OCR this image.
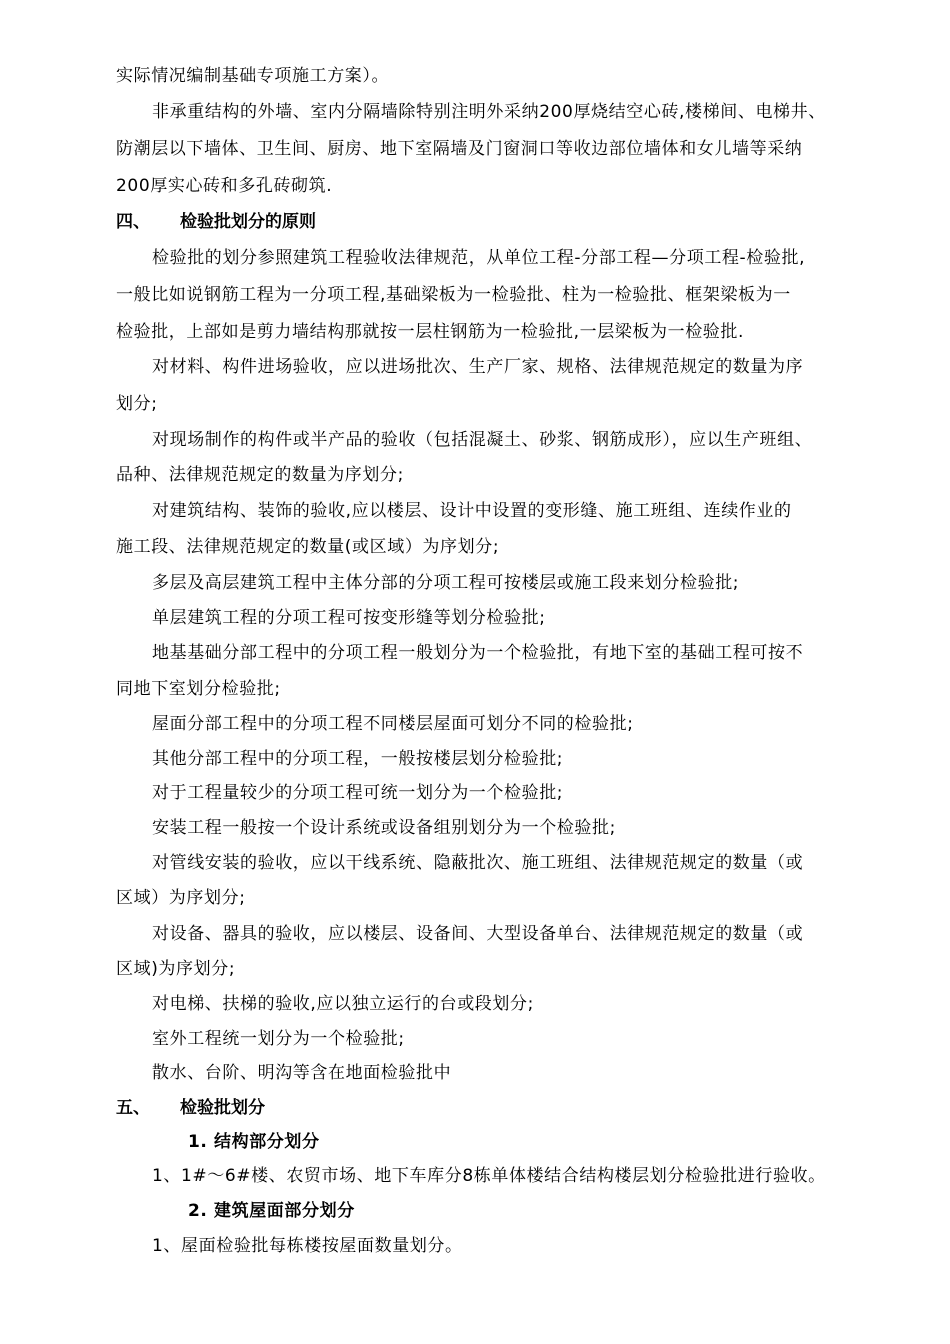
实际情况编制基础专项施工方案）。
非承重结构的外墙、室内分隔墙除特别注明外采纳200厚烧结空心砖,楼梯间、电梯井、
防潮层以下墙体、卫生间、厨房、地下室隔墙及门窗洞口等收边部位墙体和女儿墙等采纳
200厚实心砖和多孔砖砌筑.
四、 检验批划分的原则
检验批的划分参照建筑工程验收法律规范，从单位工程-分部工程—分项工程-检验批,
一般比如说钢筋工程为一分项工程,基础梁板为一检验批、柱为一检验批、框架梁板为一
检验批，上部如是剪力墙结构那就按一层柱钢筋为一检验批,一层梁板为一检验批.
对材料、构件进场验收，应以进场批次、生产厂家、规格、法律规范规定的数量为序
划分;
对现场制作的构件或半产品的验收（包括混凝土、砂浆、钢筋成形），应以生产班组、
品种、法律规范规定的数量为序划分;
对建筑结构、装饰的验收,应以楼层、设计中设置的变形缝、施工班组、连续作业的
施工段、法律规范规定的数量(或区域）为序划分;
多层及高层建筑工程中主体分部的分项工程可按楼层或施工段来划分检验批;
单层建筑工程的分项工程可按变形缝等划分检验批;
地基基础分部工程中的分项工程一般划分为一个检验批，有地下室的基础工程可按不
同地下室划分检验批;
屋面分部工程中的分项工程不同楼层屋面可划分不同的检验批;
其他分部工程中的分项工程，一般按楼层划分检验批;
对于工程量较少的分项工程可统一划分为一个检验批;
安装工程一般按一个设计系统或设备组别划分为一个检验批;
对管线安装的验收，应以干线系统、隐蔽批次、施工班组、法律规范规定的数量（或
区域）为序划分;
对设备、器具的验收，应以楼层、设备间、大型设备单台、法律规范规定的数量（或
区域)为序划分;
对电梯、扶梯的验收,应以独立运行的台或段划分;
室外工程统一划分为一个检验批;
散水、台阶、明沟等含在地面检验批中
五、 检验批划分
1. 结构部分划分
1、1#～6#楼、农贸市场、地下车库分8栋单体楼结合结构楼层划分检验批进行验收。
2. 建筑屋面部分划分
1、屋面检验批每栋楼按屋面数量划分。
